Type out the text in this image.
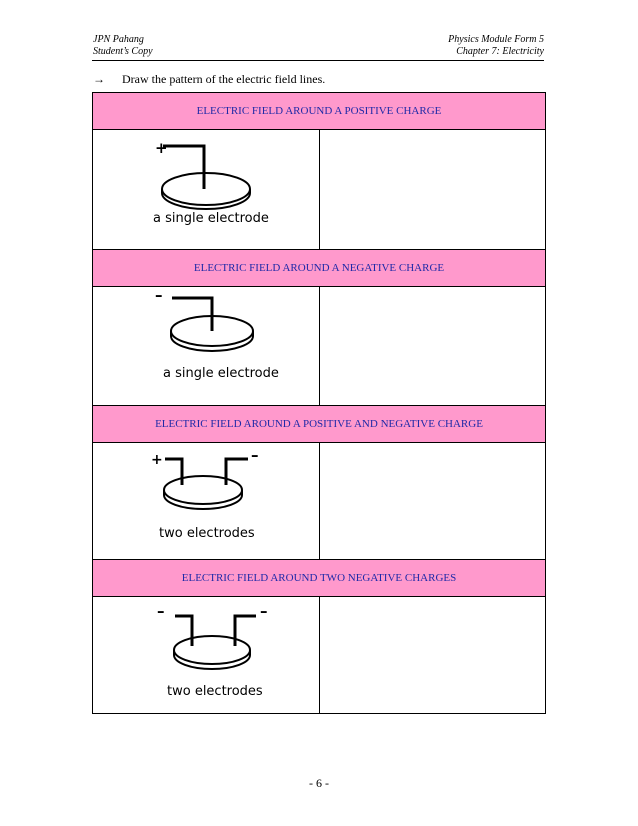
JPN Pahang
Student’s Copy
Physics Module Form 5
Chapter 7: Electricity
→ Draw the pattern of the electric field lines.
ELECTRIC FIELD AROUND A POSITIVE CHARGE
+
a single electrode
ELECTRIC FIELD AROUND A NEGATIVE CHARGE
–
a single electrode
ELECTRIC FIELD AROUND A POSITIVE AND NEGATIVE CHARGE
+	–
two electrodes
ELECTRIC FIELD AROUND TWO NEGATIVE CHARGES
–	–
two electrodes
- 6 -
